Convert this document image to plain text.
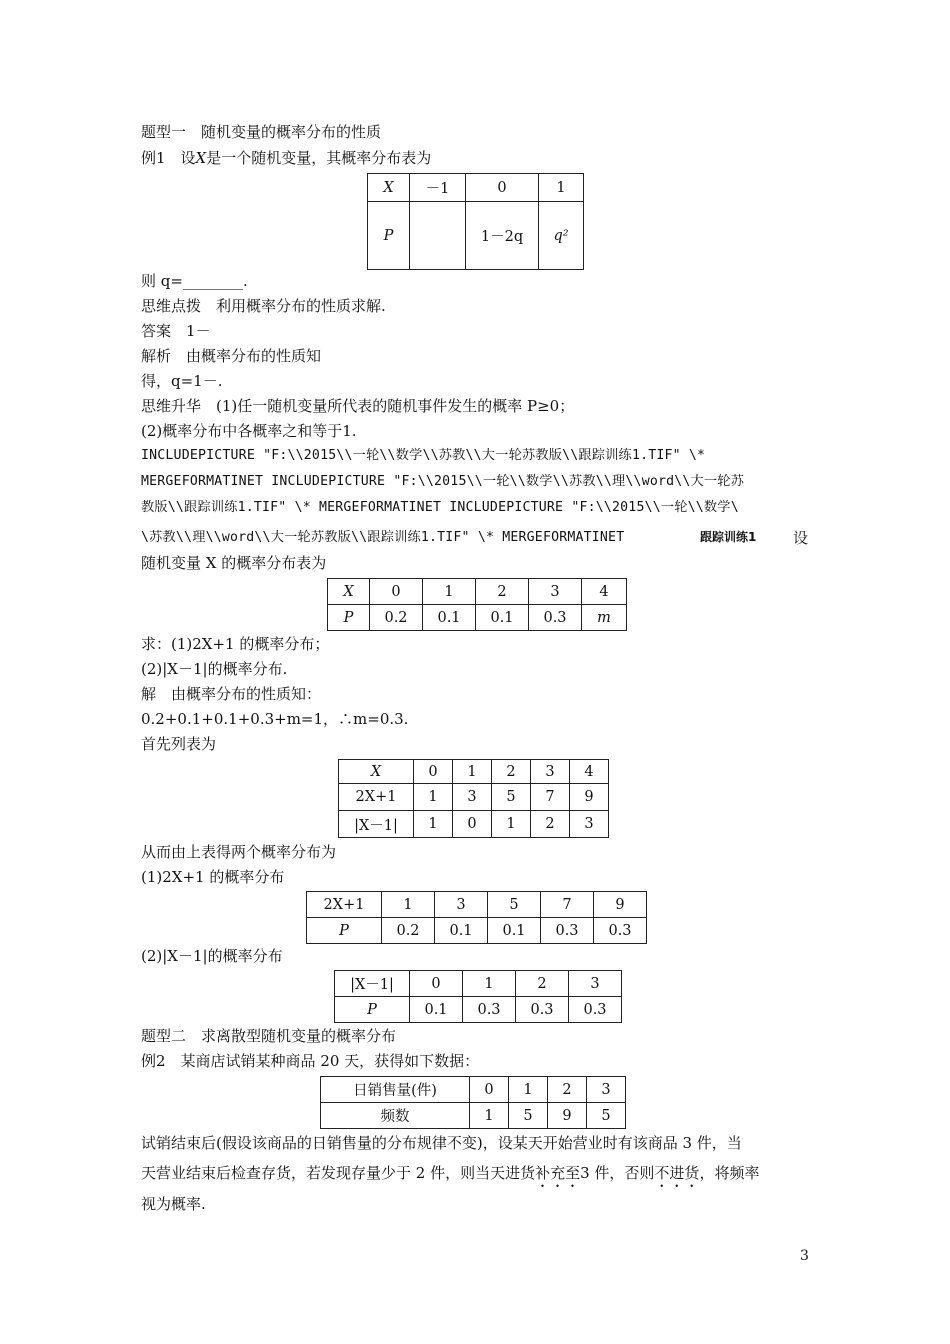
题型一　随机变量的概率分布的性质
例1　设X是一个随机变量，其概率分布表为
X	－1	0	1
P		1－2q	q²
则 q=________.
思维点拨　利用概率分布的性质求解.
答案　1－
解析　由概率分布的性质知
得，q=1－.
思维升华　(1)任一随机变量所代表的随机事件发生的概率 P≥0；
(2)概率分布中各概率之和等于1.
INCLUDEPICTURE "F:\\2015\\一轮\\数学\\苏教\\大一轮苏教版\\跟踪训练1.TIF" \*
MERGEFORMATINET INCLUDEPICTURE "F:\\2015\\一轮\\数学\\苏教\\理\\word\\大一轮苏
教版\\跟踪训练1.TIF" \* MERGEFORMATINET INCLUDEPICTURE "F:\\2015\\一轮\\数学\
\苏教\\理\\word\\大一轮苏教版\\跟踪训练1.TIF" \* MERGEFORMATINET	跟踪训练1 设
随机变量 X 的概率分布表为
X	0	1	2	3	4
P	0.2	0.1	0.1	0.3	m
求：(1)2X+1 的概率分布；
(2)|X－1|的概率分布.
解　由概率分布的性质知：
0.2+0.1+0.1+0.3+m=1，∴m=0.3.
首先列表为
X	0	1	2	3	4
2X+1	1	3	5	7	9
|X－1|	1	0	1	2	3
从而由上表得两个概率分布为
(1)2X+1 的概率分布
2X+1	1	3	5	7	9
P	0.2	0.1	0.1	0.3	0.3
(2)|X－1|的概率分布
|X－1|	0	1	2	3
P	0.1	0.3	0.3	0.3
题型二　求离散型随机变量的概率分布
例2　某商店试销某种商品 20 天，获得如下数据：
日销售量(件)	0	1	2	3
频数	1	5	9	5
试销结束后(假设该商品的日销售量的分布规律不变)，设某天开始营业时有该商品 3 件，当
天营业结束后检查存货，若发现存量少于 2 件，则当天进货补充至3 件，否则不进货，将频率
视为概率.
3
